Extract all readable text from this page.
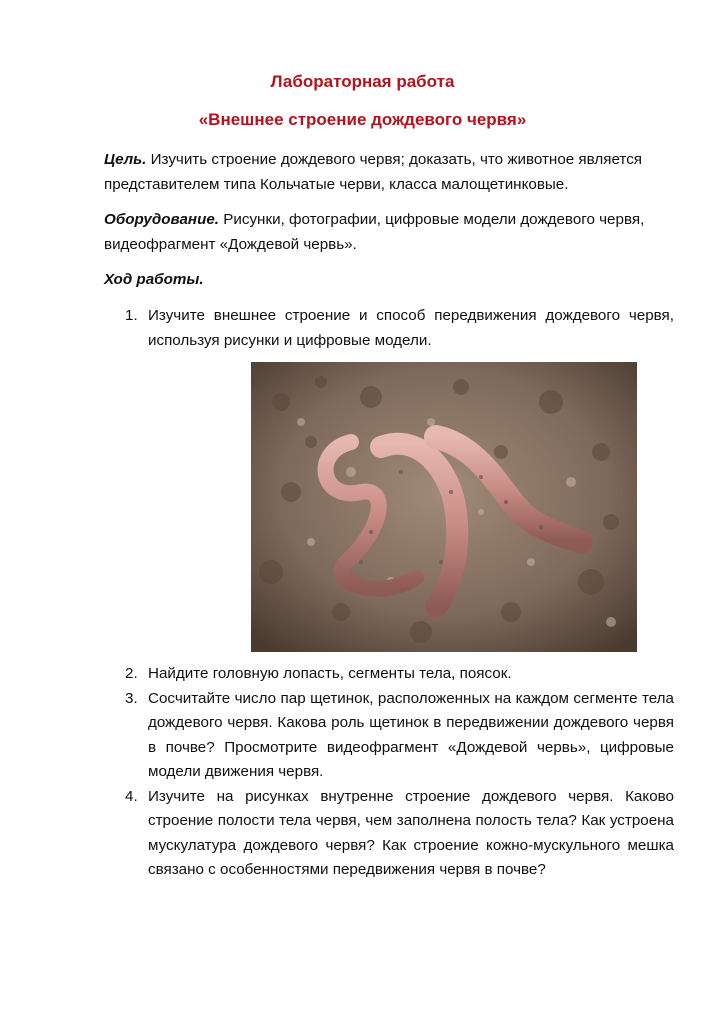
Лабораторная работа
«Внешнее строение дождевого червя»

Цель. Изучить строение дождевого червя; доказать, что животное является представителем типа Кольчатые черви, класса малощетинковые.

Оборудование. Рисунки, фотографии, цифровые модели дождевого червя, видеофрагмент «Дождевой червь».

Ход работы.

1. Изучите внешнее строение и способ передвижения дождевого червя, используя рисунки и цифровые модели.
2. Найдите головную лопасть, сегменты тела, поясок.
3. Сосчитайте число пар щетинок, расположенных на каждом сегменте тела дождевого червя. Какова роль щетинок в передвижении дождевого червя в почве? Просмотрите видеофрагмент «Дождевой червь», цифровые модели движения червя.
4. Изучите на рисунках внутренне строение дождевого червя. Каково строение полости тела червя, чем заполнена полость тела? Как устроена мускулатура дождевого червя? Как строение кожно-мускульного мешка связано с особенностями передвижения червя в почве?
